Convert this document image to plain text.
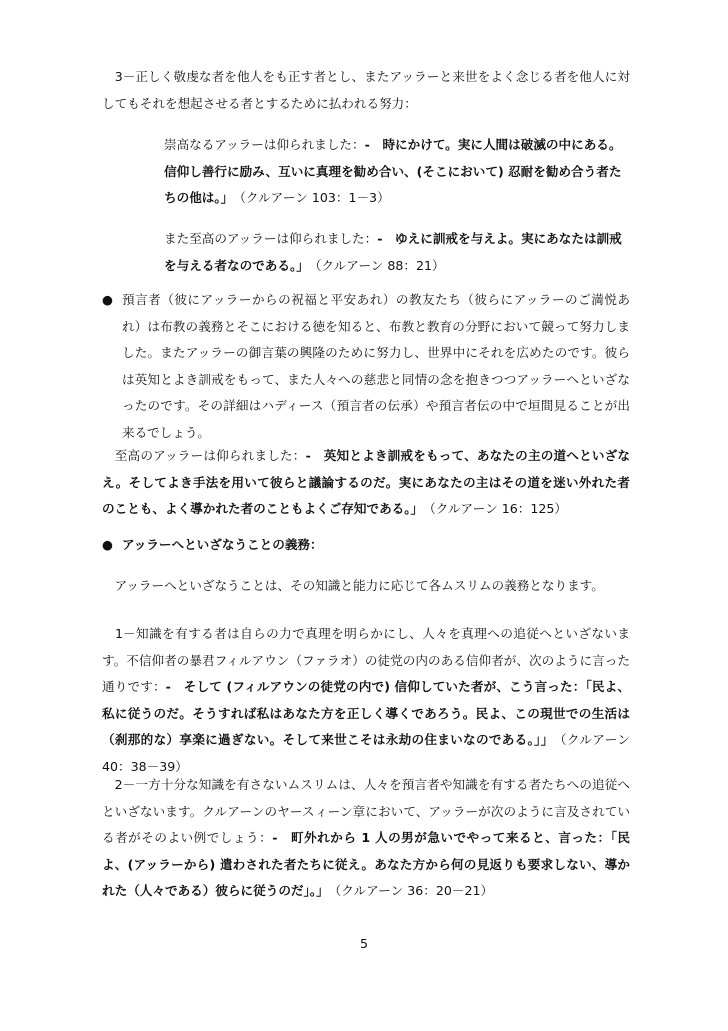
　3－正しく敬虔な者を他人をも正す者とし、またアッラーと来世をよく念じる者を他人に対してもそれを想起させる者とするために払われる努力：

崇高なるアッラーは仰られました：-　時にかけて。実に人間は破滅の中にある。信仰し善行に励み、互いに真理を勧め合い、(そこにおいて) 忍耐を勧め合う者たちの他は。」　 （クルアーン 103：1－3）

また至高のアッラーは仰られました：-　ゆえに訓戒を与えよ。実にあなたは訓戒を与える者なのである。」　 （クルアーン 88：21）

● 預言者（彼にアッラーからの祝福と平安あれ）の教友たち（彼らにアッラーのご満悦あれ）は布教の義務とそこにおける徳を知ると、布教と教育の分野において競って努力しました。またアッラーの御言葉の興隆のために努力し、世界中にそれを広めたのです。彼らは英知とよき訓戒をもって、また人々への慈悲と同情の念を抱きつつアッラーへといざなったのです。その詳細はハディース（預言者の伝承）や預言者伝の中で垣間見ることが出来るでしょう。

　至高のアッラーは仰られました：-　英知とよき訓戒をもって、あなたの主の道へといざなえ。そしてよき手法を用いて彼らと議論するのだ。実にあなたの主はその道を迷い外れた者のことも、よく導かれた者のこともよくご存知である。」　 （クルアーン 16：125）

● アッラーへといざなうことの義務：

　アッラーへといざなうことは、その知識と能力に応じて各ムスリムの義務となります。

　1－知識を有する者は自らの力で真理を明らかにし、人々を真理への追従へといざないます。不信仰者の暴君フィルアウン（ファラオ）の徒党の内のある信仰者が、次のように言った通りです：-　そして (フィルアウンの徒党の内で) 信仰していた者が、こう言った：「民よ、私に従うのだ。そうすれば私はあなた方を正しく導くであろう。民よ、この現世での生活は（刹那的な）享楽に過ぎない。そして来世こそは永劫の住まいなのである。」」　 （クルアーン 40：38－39）

　2－一方十分な知識を有さないムスリムは、人々を預言者や知識を有する者たちへの追従へといざないます。クルアーンのヤースィーン章において、アッラーが次のように言及されている者がそのよい例でしょう：-　町外れから 1 人の男が急いでやって来ると、言った：「民よ、(アッラーから) 遣わされた者たちに従え。あなた方から何の見返りも要求しない、導かれた（人々である）彼らに従うのだ」。」　 （クルアーン 36：20－21）

5
